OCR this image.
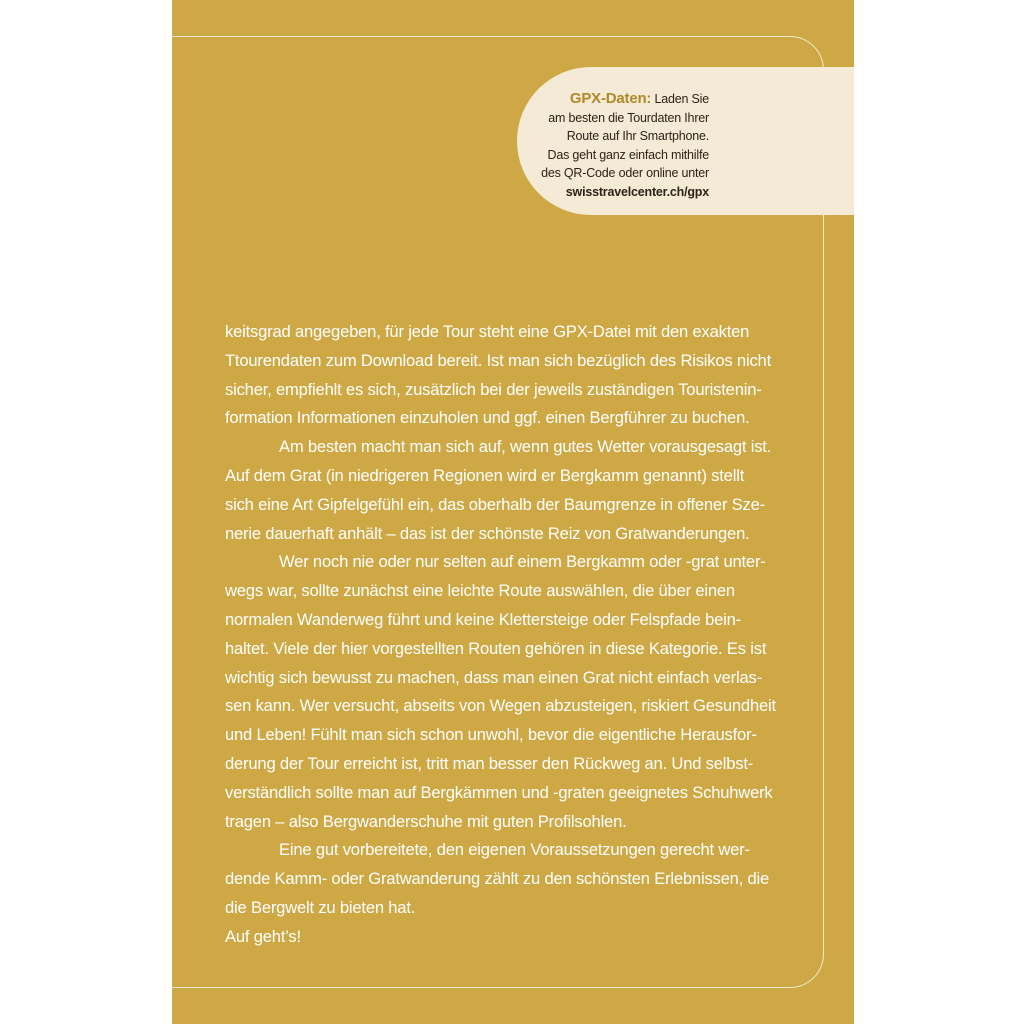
GPX-Daten: Laden Sie
am besten die Tourdaten Ihrer
Route auf Ihr Smartphone.
Das geht ganz einfach mithilfe
des QR-Code oder online unter
swisstravelcenter.ch/gpx
keitsgrad angegeben, für jede Tour steht eine GPX-Datei mit den exakten
Ttourendaten zum Download bereit. Ist man sich bezüglich des Risikos nicht
sicher, empfiehlt es sich, zusätzlich bei der jeweils zuständigen Touristenin-
formation Informationen einzuholen und ggf. einen Bergführer zu buchen.
Am besten macht man sich auf, wenn gutes Wetter vorausgesagt ist.
Auf dem Grat (in niedrigeren Regionen wird er Bergkamm genannt) stellt
sich eine Art Gipfelgefühl ein, das oberhalb der Baumgrenze in offener Sze-
nerie dauerhaft anhält – das ist der schönste Reiz von Gratwanderungen.
Wer noch nie oder nur selten auf einem Bergkamm oder -grat unter-
wegs war, sollte zunächst eine leichte Route auswählen, die über einen
normalen Wanderweg führt und keine Klettersteige oder Felspfade bein-
haltet. Viele der hier vorgestellten Routen gehören in diese Kategorie. Es ist
wichtig sich bewusst zu machen, dass man einen Grat nicht einfach verlas-
sen kann. Wer versucht, abseits von Wegen abzusteigen, riskiert Gesundheit
und Leben! Fühlt man sich schon unwohl, bevor die eigentliche Herausfor-
derung der Tour erreicht ist, tritt man besser den Rückweg an. Und selbst-
verständlich sollte man auf Bergkämmen und -graten geeignetes Schuhwerk
tragen – also Bergwanderschuhe mit guten Profilsohlen.
Eine gut vorbereitete, den eigenen Voraussetzungen gerecht wer-
dende Kamm- oder Gratwanderung zählt zu den schönsten Erlebnissen, die
die Bergwelt zu bieten hat.
Auf geht’s!
